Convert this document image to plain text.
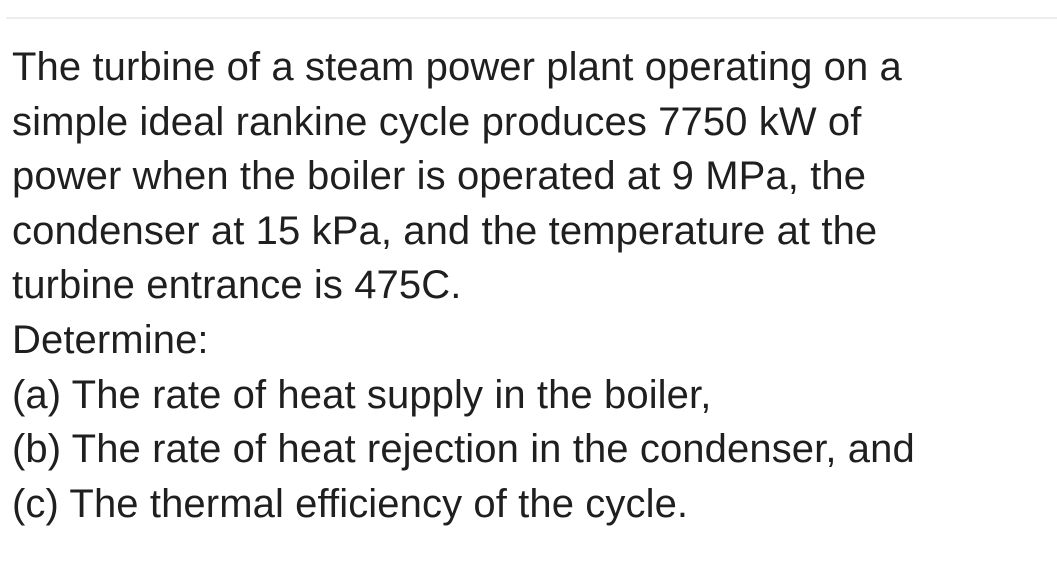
The turbine of a steam power plant operating on a
simple ideal rankine cycle produces 7750 kW of
power when the boiler is operated at 9 MPa, the
condenser at 15 kPa, and the temperature at the
turbine entrance is 475C.
Determine:
(a) The rate of heat supply in the boiler,
(b) The rate of heat rejection in the condenser, and
(c) The thermal efficiency of the cycle.
